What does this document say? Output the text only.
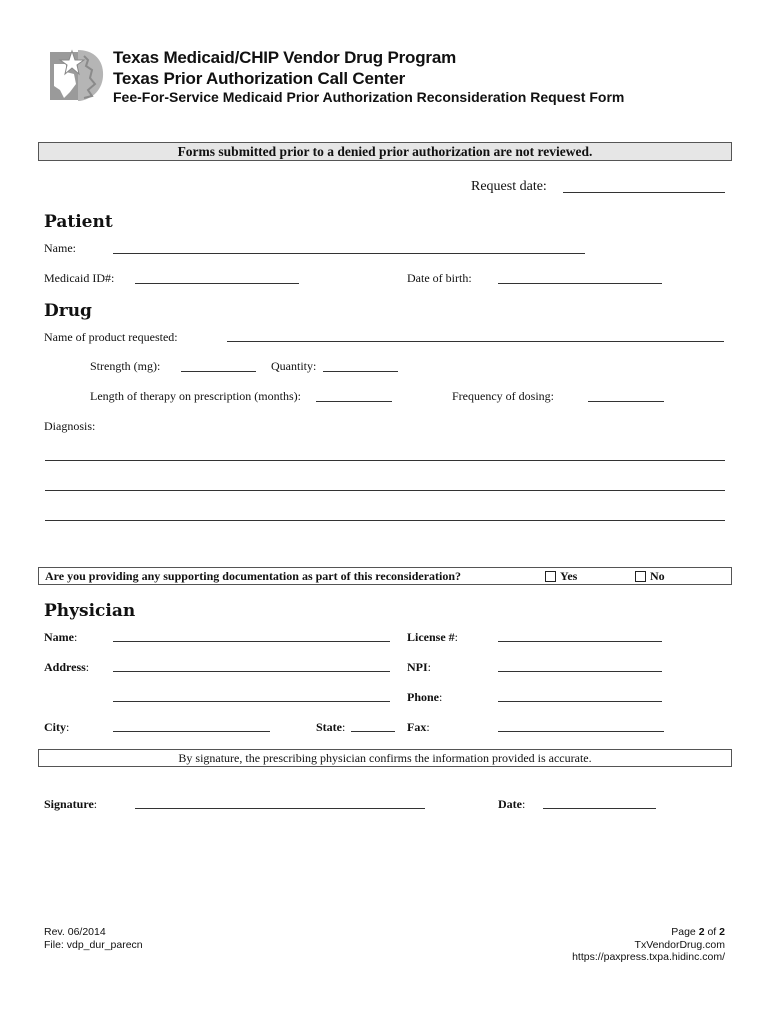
Texas Medicaid/CHIP Vendor Drug Program
Texas Prior Authorization Call Center
Fee-For-Service Medicaid Prior Authorization Reconsideration Request Form
Forms submitted prior to a denied prior authorization are not reviewed.
Request date:
Patient
Name:
Medicaid ID#:	Date of birth:
Drug
Name of product requested:
Strength (mg):	Quantity:
Length of therapy on prescription (months):	Frequency of dosing:
Diagnosis:
Are you providing any supporting documentation as part of this reconsideration?	Yes	No
Physician
Name:	License #:
Address:	NPI:
Phone:
City:	State:	Fax:
By signature, the prescribing physician confirms the information provided is accurate.
Signature:	Date:
Rev. 06/2014
File: vdp_dur_parecn
Page 2 of 2
TxVendorDrug.com
https://paxpress.txpa.hidinc.com/
